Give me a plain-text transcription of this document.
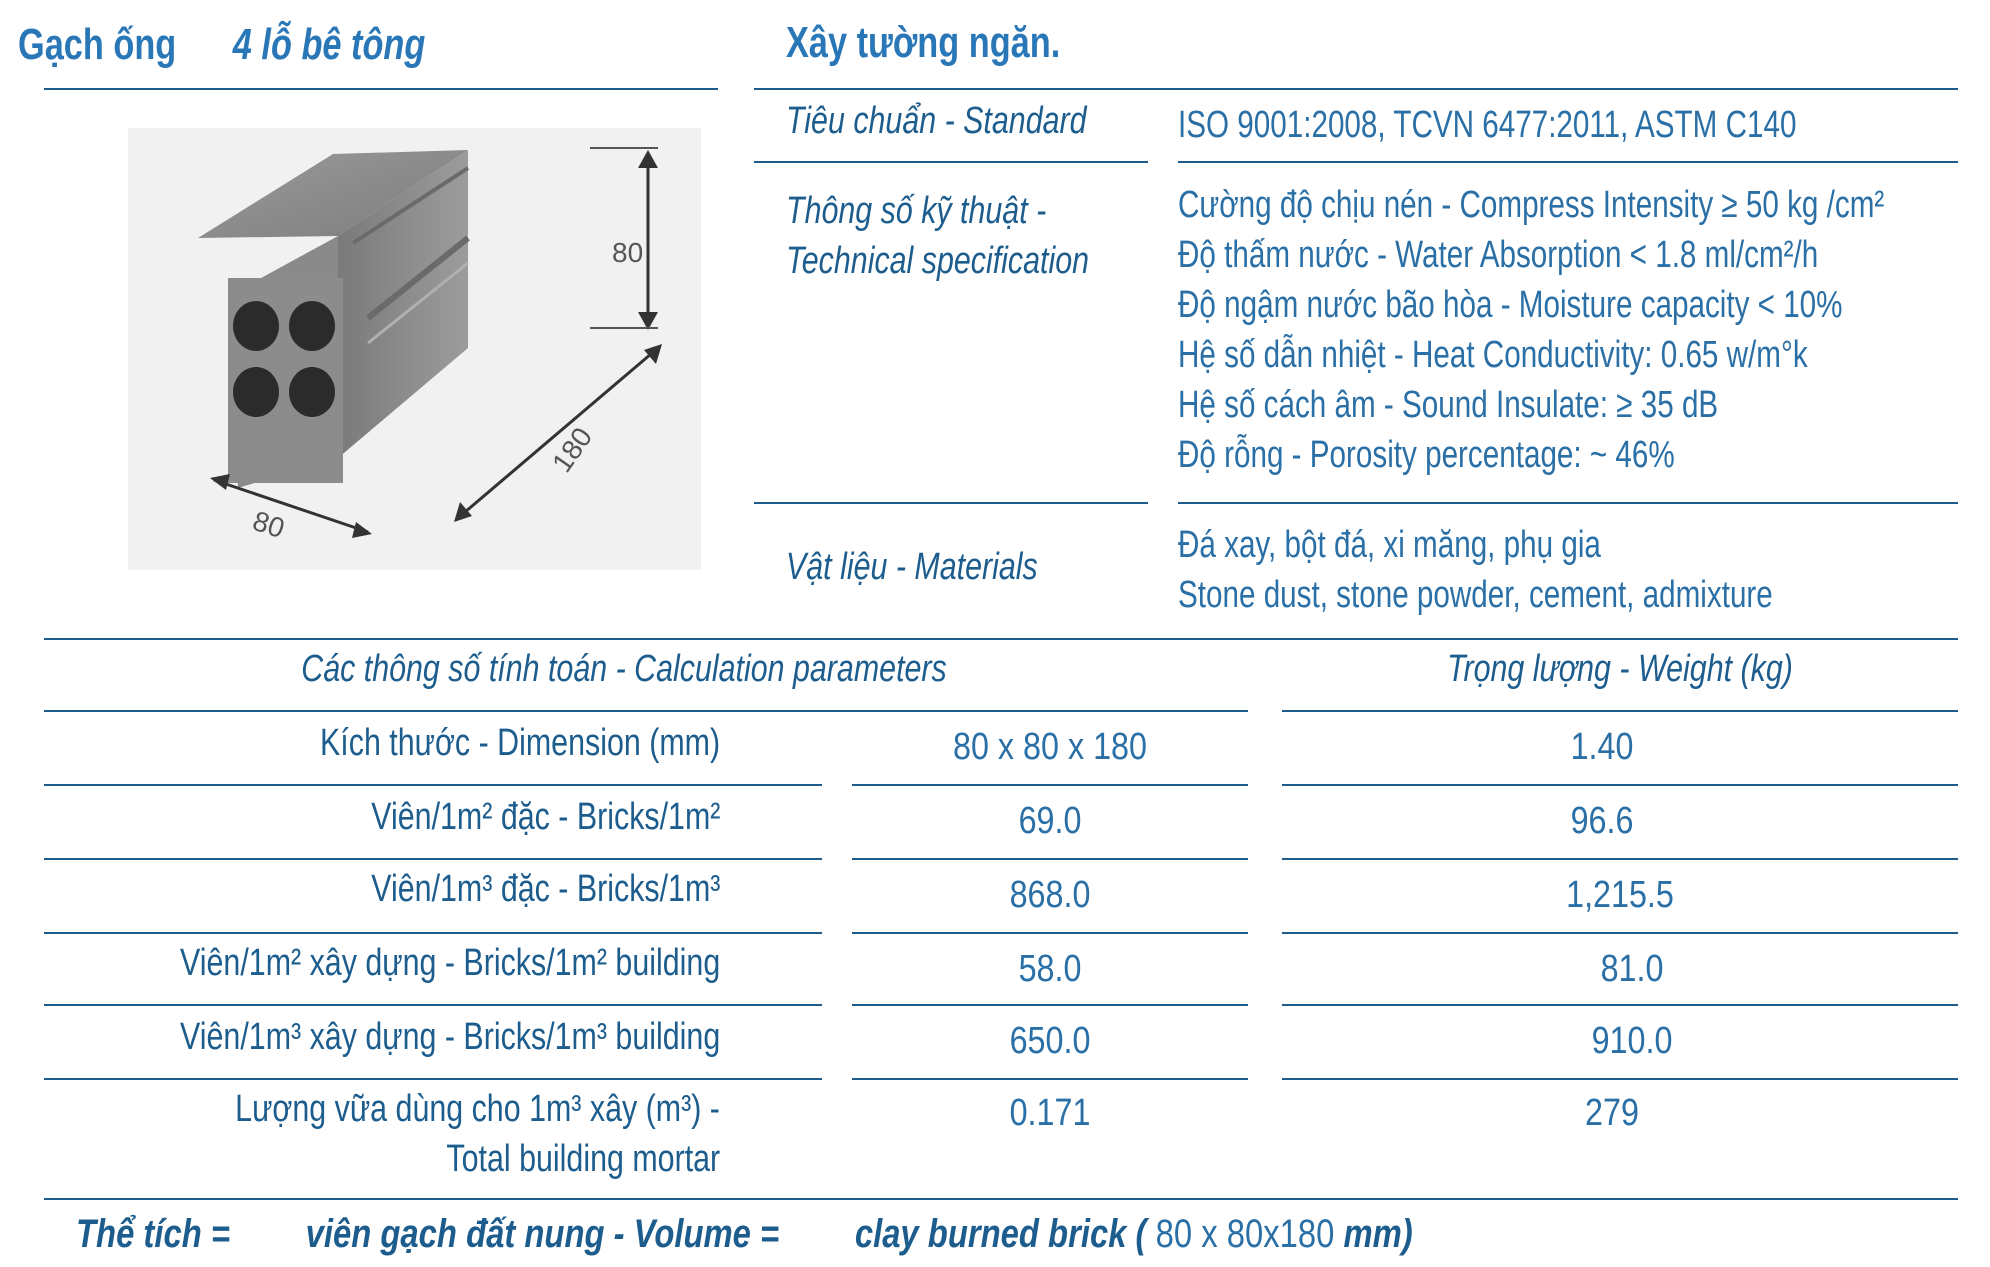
Gạch ống 4 lỗ bê tông
80
180
80
Xây tường ngăn.
Tiêu chuẩn - Standard ISO 9001:2008, TCVN 6477:2011, ASTM C140
Thông số kỹ thuật -
Technical specification
Cường độ chịu nén - Compress Intensity ≥ 50 kg /cm²
Độ thấm nước - Water Absorption < 1.8 ml/cm²/h
Độ ngậm nước bão hòa - Moisture capacity < 10%
Hệ số dẫn nhiệt - Heat Conductivity: 0.65 w/m°k
Hệ số cách âm - Sound Insulate: ≥ 35 dB
Độ rỗng - Porosity percentage: ~ 46%
Vật liệu - Materials
Đá xay, bột đá, xi măng, phụ gia
Stone dust, stone powder, cement, admixture
Các thông số tính toán - Calculation parameters	Trọng lượng - Weight (kg)
Kích thước - Dimension (mm)	80 x 80 x 180	1.40
Viên/1m² đặc - Bricks/1m²	69.0	96.6
Viên/1m³ đặc - Bricks/1m³	868.0	1,215.5
Viên/1m² xây dựng - Bricks/1m² building	58.0	81.0
Viên/1m³ xây dựng - Bricks/1m³ building	650.0	910.0
Lượng vữa dùng cho 1m³ xây (m³) -
Total building mortar
0.171	279
Thể tích = viên gạch đất nung - Volume = clay burned brick ( 80 x 80x180 mm)
